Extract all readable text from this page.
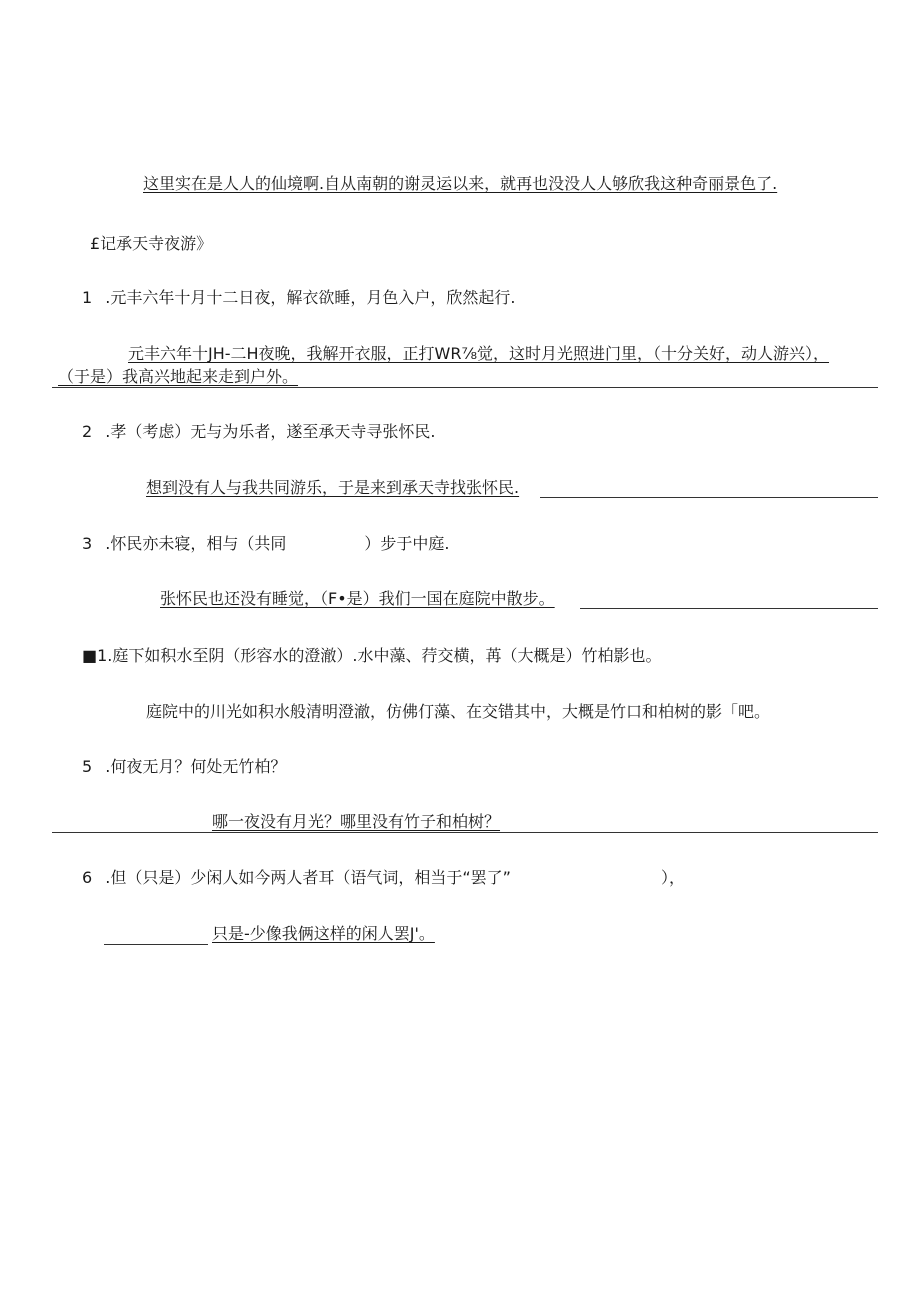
这里实在是人人的仙境啊.自从南朝的谢灵运以来，就再也没没人人够欣我这种奇丽景色了.
£记承天寺夜游》
1 .元丰六年十月十二日夜，解衣欲睡，月色入户，欣然起行.
元丰六年十JH-二H夜晚，我解开衣服，正打WR⅞觉，这时月光照进门里，（十分关好，动人游兴），
（于是）我高兴地起来走到户外。
2 .孝（考虑）无与为乐者，遂至承天寺寻张怀民.
想到没有人与我共同游乐，于是来到承天寺找张怀民.
3 .怀民亦未寝，相与（共同	）步于中庭.
张怀民也还没有睡觉，（F•是）我们一国在庭院中散步。
■1.庭下如积水至阴（形容水的澄澈）.水中藻、荇交横，苒（大概是）竹柏影也。
庭院中的川光如积水般清明澄澈，仿佛仃藻、在交错其中，大概是竹口和柏树的影「吧。
5 .何夜无月？何处无竹柏？
哪一夜没有月光？哪里没有竹子和柏树？
6 .但（只是）少闲人如今两人者耳（语气词，相当于“罢了”	），
只是-少像我俩这样的闲人罢J'。
